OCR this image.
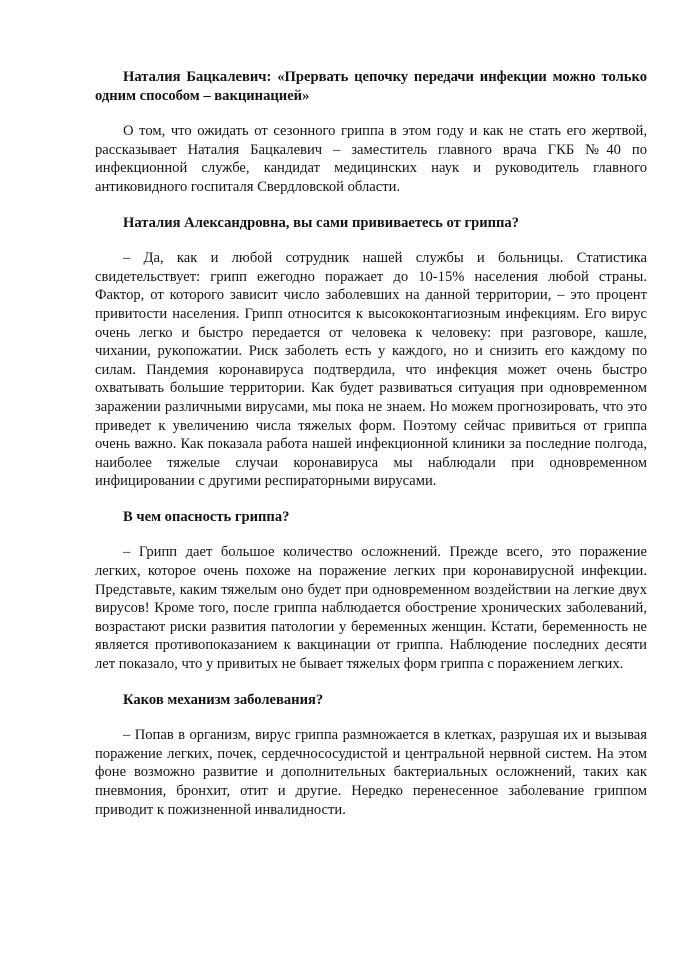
Наталия Бацкалевич: «Прервать цепочку передачи инфекции можно только одним способом – вакцинацией»

О том, что ожидать от сезонного гриппа в этом году и как не стать его жертвой, рассказывает Наталия Бацкалевич – заместитель главного врача ГКБ №40 по инфекционной службе, кандидат медицинских наук и руководитель главного антиковидного госпиталя Свердловской области.

Наталия Александровна, вы сами прививаетесь от гриппа?

– Да, как и любой сотрудник нашей службы и больницы. Статистика свидетельствует: грипп ежегодно поражает до 10-15% населения любой страны. Фактор, от которого зависит число заболевших на данной территории, – это процент привитости населения. Грипп относится к высококонтагиозным инфекциям. Его вирус очень легко и быстро передается от человека к человеку: при разговоре, кашле, чихании, рукопожатии. Риск заболеть есть у каждого, но и снизить его каждому по силам. Пандемия коронавируса подтвердила, что инфекция может очень быстро охватывать большие территории. Как будет развиваться ситуация при одновременном заражении различными вирусами, мы пока не знаем. Но можем прогнозировать, что это приведет к увеличению числа тяжелых форм. Поэтому сейчас привиться от гриппа очень важно. Как показала работа нашей инфекционной клиники за последние полгода, наиболее тяжелые случаи коронавируса мы наблюдали при одновременном инфицировании с другими респираторными вирусами.

В чем опасность гриппа?

– Грипп дает большое количество осложнений. Прежде всего, это поражение легких, которое очень похоже на поражение легких при коронавирусной инфекции. Представьте, каким тяжелым оно будет при одновременном воздействии на легкие двух вирусов! Кроме того, после гриппа наблюдается обострение хронических заболеваний, возрастают риски развития патологии у беременных женщин. Кстати, беременность не является противопоказанием к вакцинации от гриппа. Наблюдение последних десяти лет показало, что у привитых не бывает тяжелых форм гриппа с поражением легких.

Каков механизм заболевания?

– Попав в организм, вирус гриппа размножается в клетках, разрушая их и вызывая поражение легких, почек, сердечнососудистой и центральной нервной систем. На этом фоне возможно развитие и дополнительных бактериальных осложнений, таких как пневмония, бронхит, отит и другие. Нередко перенесенное заболевание гриппом приводит к пожизненной инвалидности.
